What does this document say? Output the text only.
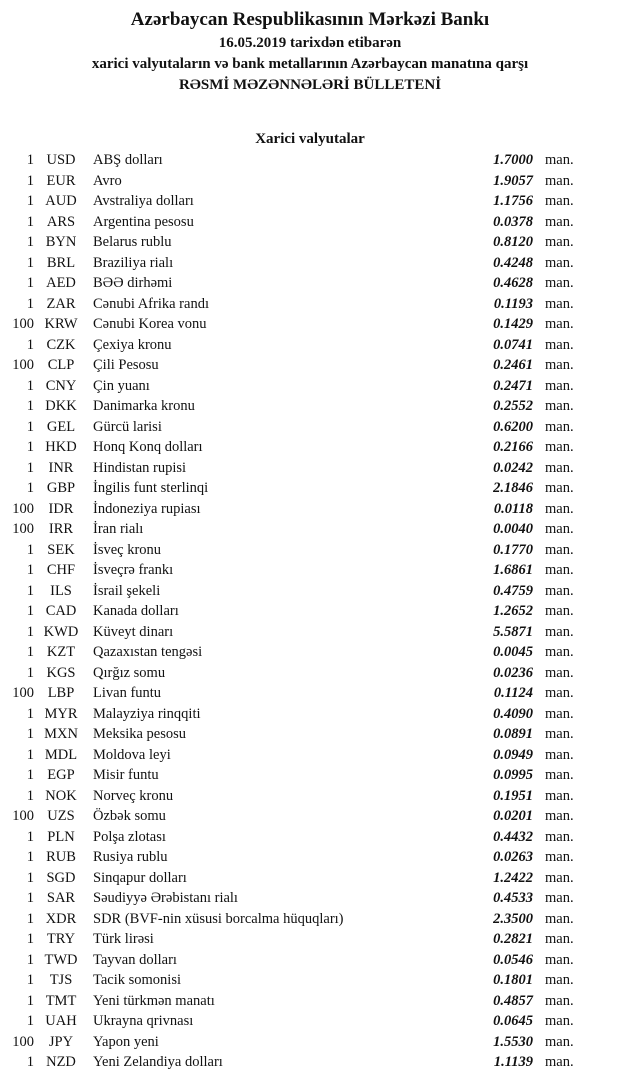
Azərbaycan Respublikasının Mərkəzi Bankı
16.05.2019 tarixdən etibarən
xarici valyutaların və bank metallarının Azərbaycan manatına qarşı
RƏSMİ MƏZƏNNƏLƏRİ BÜLLETENİ
Xarici valyutalar
1 USD	ABŞ dolları	1.7000 man.
1 EUR	Avro	1.9057 man.
1 AUD	Avstraliya dolları	1.1756 man.
1 ARS	Argentina pesosu	0.0378 man.
1 BYN	Belarus rublu	0.8120 man.
1 BRL	Braziliya rialı	0.4248 man.
1 AED	BƏƏ dirhəmi	0.4628 man.
1 ZAR	Cənubi Afrika randı	0.1193 man.
100 KRW	Cənubi Korea vonu	0.1429 man.
1 CZK	Çexiya kronu	0.0741 man.
100 CLP	Çili Pesosu	0.2461 man.
1 CNY	Çin yuanı	0.2471 man.
1 DKK	Danimarka kronu	0.2552 man.
1 GEL	Gürcü larisi	0.6200 man.
1 HKD	Honq Konq dolları	0.2166 man.
1	INR	Hindistan rupisi	0.0242 man.
1 GBP	İngilis funt sterlinqi	2.1846 man.
100	IDR	İndoneziya rupiası	0.0118 man.
100	IRR	İran rialı	0.0040 man.
1 SEK	İsveç kronu	0.1770 man.
1 CHF	İsveçrə frankı	1.6861 man.
1	ILS	İsrail şekeli	0.4759 man.
1 CAD	Kanada dolları	1.2652 man.
1 KWD	Küveyt dinarı	5.5871 man.
1 KZT	Qazaxıstan tengəsi	0.0045 man.
1 KGS	Qırğız somu	0.0236 man.
100 LBP	Livan funtu	0.1124 man.
1 MYR	Malayziya rinqqiti	0.4090 man.
1 MXN	Meksika pesosu	0.0891 man.
1 MDL	Moldova leyi	0.0949 man.
1 EGP	Misir funtu	0.0995 man.
1 NOK	Norveç kronu	0.1951 man.
100 UZS	Özbək somu	0.0201 man.
1 PLN	Polşa zlotası	0.4432 man.
1 RUB	Rusiya rublu	0.0263 man.
1 SGD	Sinqapur dolları	1.2422 man.
1 SAR	Səudiyyə Ərəbistanı rialı	0.4533 man.
1 XDR	SDR (BVF-nin xüsusi borcalma hüquqları)	2.3500 man.
1 TRY	Türk lirəsi	0.2821 man.
1 TWD	Tayvan dolları	0.0546 man.
1	TJS	Tacik somonisi	0.1801 man.
1 TMT	Yeni türkmən manatı	0.4857 man.
1 UAH	Ukrayna qrivnası	0.0645 man.
100	JPY	Yapon yeni	1.5530 man.
1 NZD	Yeni Zelandiya dolları	1.1139 man.
